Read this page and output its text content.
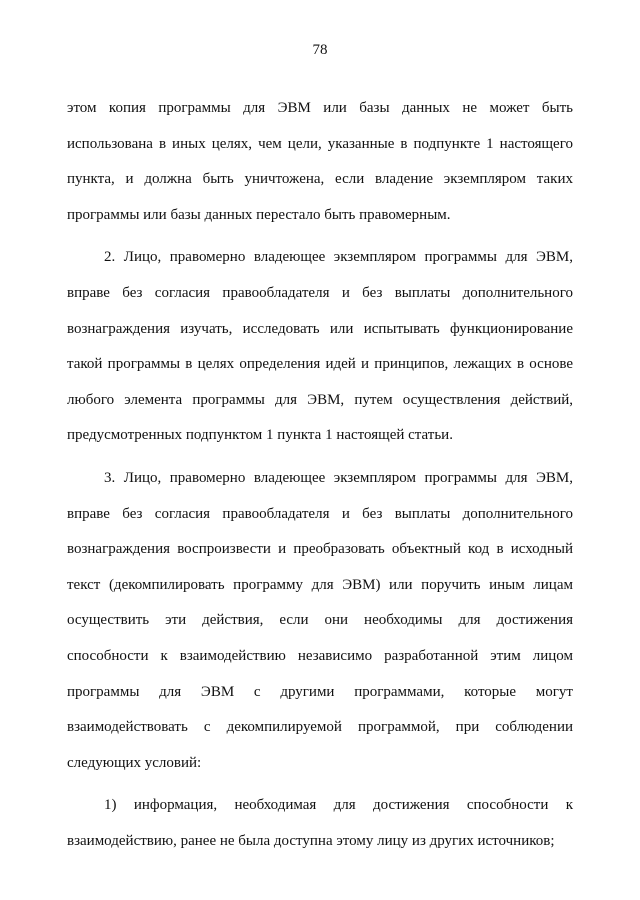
78
этом копия программы для ЭВМ или базы данных не может быть
использована в иных целях, чем цели, указанные в подпункте 1 настоящего
пункта, и должна быть уничтожена, если владение экземпляром таких
программы или базы данных перестало быть правомерным.
2. Лицо, правомерно владеющее экземпляром программы для ЭВМ,
вправе без согласия правообладателя и без выплаты дополнительного
вознаграждения изучать, исследовать или испытывать функционирование
такой программы в целях определения идей и принципов, лежащих в основе
любого элемента программы для ЭВМ, путем осуществления действий,
предусмотренных подпунктом 1 пункта 1 настоящей статьи.
3. Лицо, правомерно владеющее экземпляром программы для ЭВМ,
вправе без согласия правообладателя и без выплаты дополнительного
вознаграждения воспроизвести и преобразовать объектный код в исходный
текст (декомпилировать программу для ЭВМ) или поручить иным лицам
осуществить эти действия, если они необходимы для достижения
способности к взаимодействию независимо разработанной этим лицом
программы для ЭВМ с другими программами, которые могут
взаимодействовать с декомпилируемой программой, при соблюдении
следующих условий:
1) информация, необходимая для достижения способности к
взаимодействию, ранее не была доступна этому лицу из других источников;
